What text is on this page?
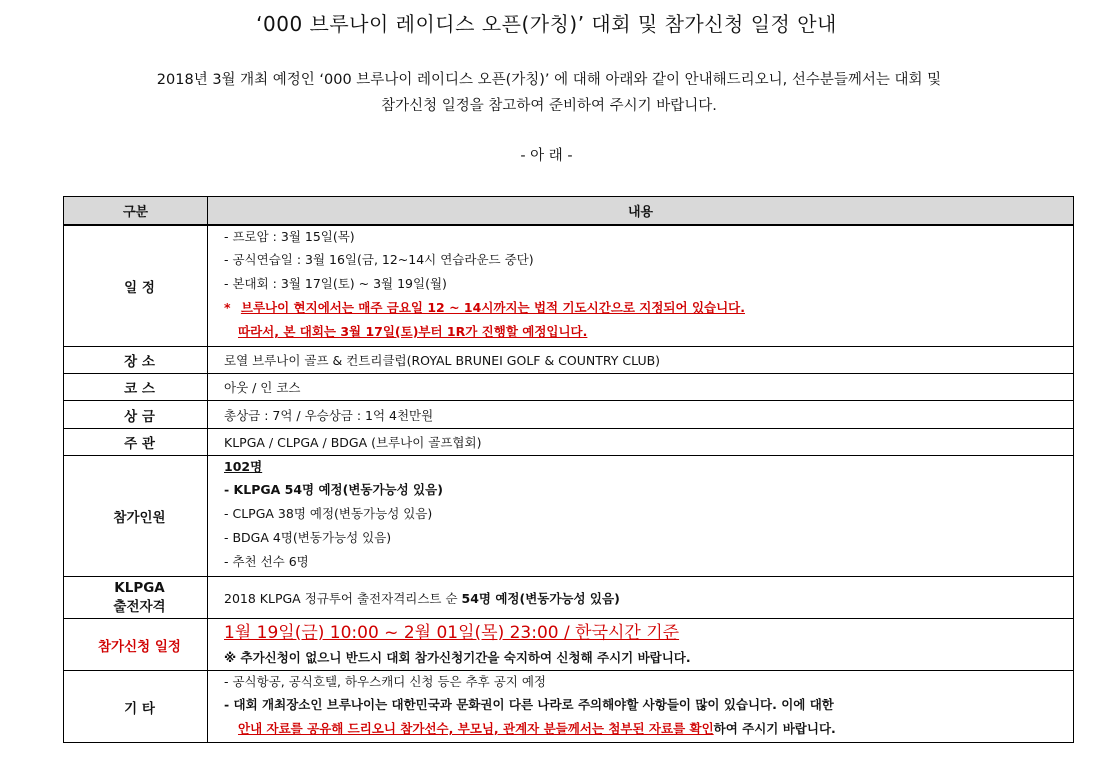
‘000 브루나이 레이디스 오픈(가칭)’ 대회 및 참가신청 일정 안내
2018년 3월 개최 예정인 ‘000 브루나이 레이디스 오픈(가칭)’ 에 대해 아래와 같이 안내해드리오니, 선수분들께서는 대회 및
참가신청 일정을 참고하여 준비하여 주시기 바랍니다.
- 아 래 -
구분	내용
일 정	- 프로암 : 3월 15일(목)
- 공식연습일 : 3월 16일(금, 12~14시 연습라운드 중단)
- 본대회 : 3월 17일(토) ~ 3월 19일(월)
* 브루나이 현지에서는 매주 금요일 12 ~ 14시까지는 법적 기도시간으로 지정되어 있습니다.
따라서, 본 대회는 3월 17일(토)부터 1R가 진행할 예정입니다.

장 소	로열 브루나이 골프 & 컨트리클럽(ROYAL BRUNEI GOLF & COUNTRY CLUB)
코 스	아웃 / 인 코스
상 금	총상금 : 7억 / 우승상금 : 1억 4천만원
주 관	KLPGA / CLPGA / BDGA (브루나이 골프협회)
참가인원	102명
- KLPGA 54명 예정(변동가능성 있음)
- CLPGA 38명 예정(변동가능성 있음)
- BDGA 4명(변동가능성 있음)
- 추천 선수 6명

KLPGA
출전자격	2018 KLPGA 정규투어 출전자격리스트 순 54명 예정(변동가능성 있음)
참가신청 일정	1월 19일(금) 10:00 ~ 2월 01일(목) 23:00 / 한국시간 기준
※ 추가신청이 없으니 반드시 대회 참가신청기간을 숙지하여 신청해 주시기 바랍니다.

기 타	- 공식항공, 공식호텔, 하우스캐디 신청 등은 추후 공지 예정
- 대회 개최장소인 브루나이는 대한민국과 문화권이 다른 나라로 주의해야할 사항들이 많이 있습니다. 이에 대한
안내 자료를 공유해 드리오니 참가선수, 부모님, 관계자 분들께서는 첨부된 자료를 확인하여 주시기 바랍니다.
